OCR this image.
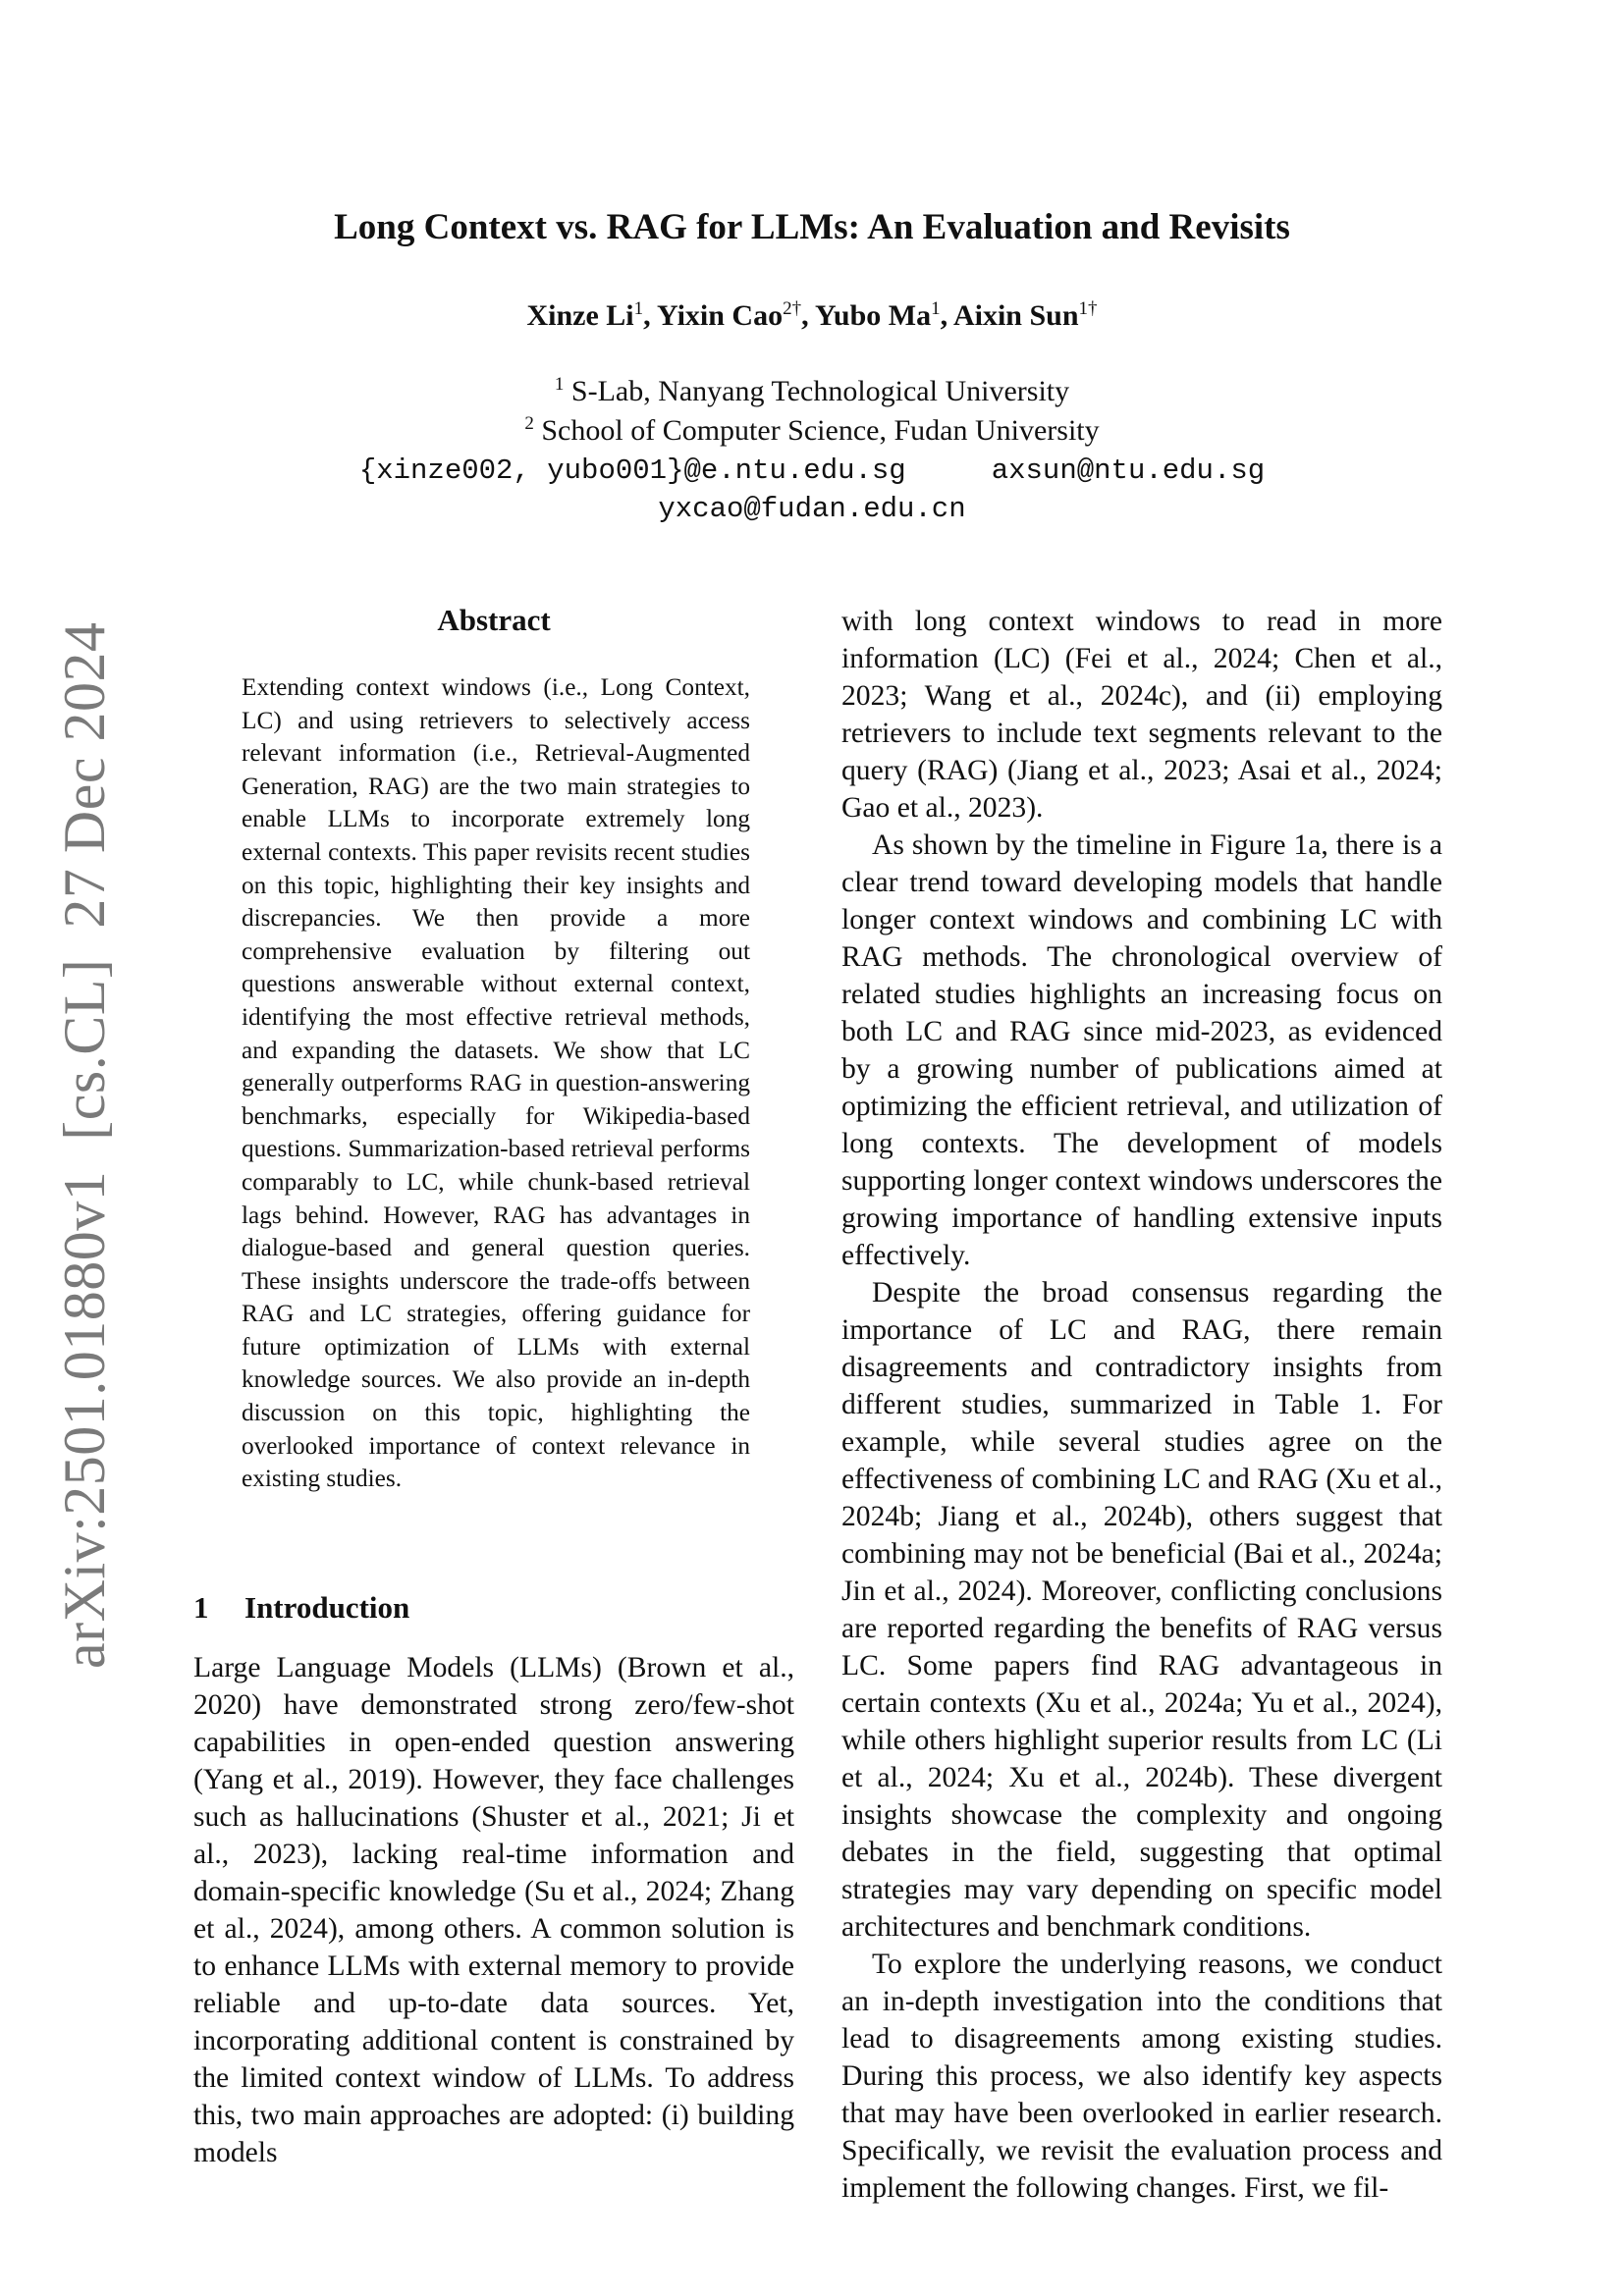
Long Context vs. RAG for LLMs: An Evaluation and Revisits
Xinze Li$^1$, Yixin Cao$^{2\dagger}$, Yubo Ma$^1$, Aixin Sun$^{1\dagger}$
$^1$ S-Lab, Nanyang Technological University
$^2$ School of Computer Science, Fudan University
{xinze002, yubo001}@e.ntu.edu.sg     axsun@ntu.edu.sg
yxcao@fudan.edu.cn
arXiv:2501.01880v1  [cs.CL]  27 Dec 2024
Abstract

Extending context windows (i.e., Long Context, LC) and using retrievers to selectively access relevant information (i.e., Retrieval-Augmented Generation, RAG) are the two main strategies to enable LLMs to incorporate extremely long external contexts. This paper revisits recent studies on this topic, highlighting their key insights and discrepancies. We then provide a more comprehensive evaluation by filtering out questions answerable without external context, identifying the most effective retrieval methods, and expanding the datasets. We show that LC generally outperforms RAG in question-answering benchmarks, especially for Wikipedia-based questions. Summarization-based retrieval performs comparably to LC, while chunk-based retrieval lags behind. However, RAG has advantages in dialogue-based and general question queries. These insights underscore the trade-offs between RAG and LC strategies, offering guidance for future optimization of LLMs with external knowledge sources. We also provide an in-depth discussion on this topic, highlighting the overlooked importance of context relevance in existing studies.

1 Introduction

Large Language Models (LLMs) (Brown et al., 2020) have demonstrated strong zero/few-shot capabilities in open-ended question answering (Yang et al., 2019). However, they face challenges such as hallucinations (Shuster et al., 2021; Ji et al., 2023), lacking real-time information and domain-specific knowledge (Su et al., 2024; Zhang et al., 2024), among others. A common solution is to enhance LLMs with external memory to provide reliable and up-to-date data sources. Yet, incorporating additional content is constrained by the limited context window of LLMs. To address this, two main approaches are adopted: (i) building models

with long context windows to read in more information (LC) (Fei et al., 2024; Chen et al., 2023; Wang et al., 2024c), and (ii) employing retrievers to include text segments relevant to the query (RAG) (Jiang et al., 2023; Asai et al., 2024; Gao et al., 2023).

As shown by the timeline in Figure 1a, there is a clear trend toward developing models that handle longer context windows and combining LC with RAG methods. The chronological overview of related studies highlights an increasing focus on both LC and RAG since mid-2023, as evidenced by a growing number of publications aimed at optimizing the efficient retrieval, and utilization of long contexts. The development of models supporting longer context windows underscores the growing importance of handling extensive inputs effectively.

Despite the broad consensus regarding the importance of LC and RAG, there remain disagreements and contradictory insights from different studies, summarized in Table 1. For example, while several studies agree on the effectiveness of combining LC and RAG (Xu et al., 2024b; Jiang et al., 2024b), others suggest that combining may not be beneficial (Bai et al., 2024a; Jin et al., 2024). Moreover, conflicting conclusions are reported regarding the benefits of RAG versus LC. Some papers find RAG advantageous in certain contexts (Xu et al., 2024a; Yu et al., 2024), while others highlight superior results from LC (Li et al., 2024; Xu et al., 2024b). These divergent insights showcase the complexity and ongoing debates in the field, suggesting that optimal strategies may vary depending on specific model architectures and benchmark conditions.

To explore the underlying reasons, we conduct an in-depth investigation into the conditions that lead to disagreements among existing studies. During this process, we also identify key aspects that may have been overlooked in earlier research. Specifically, we revisit the evaluation process and implement the following changes. First, we fil-
